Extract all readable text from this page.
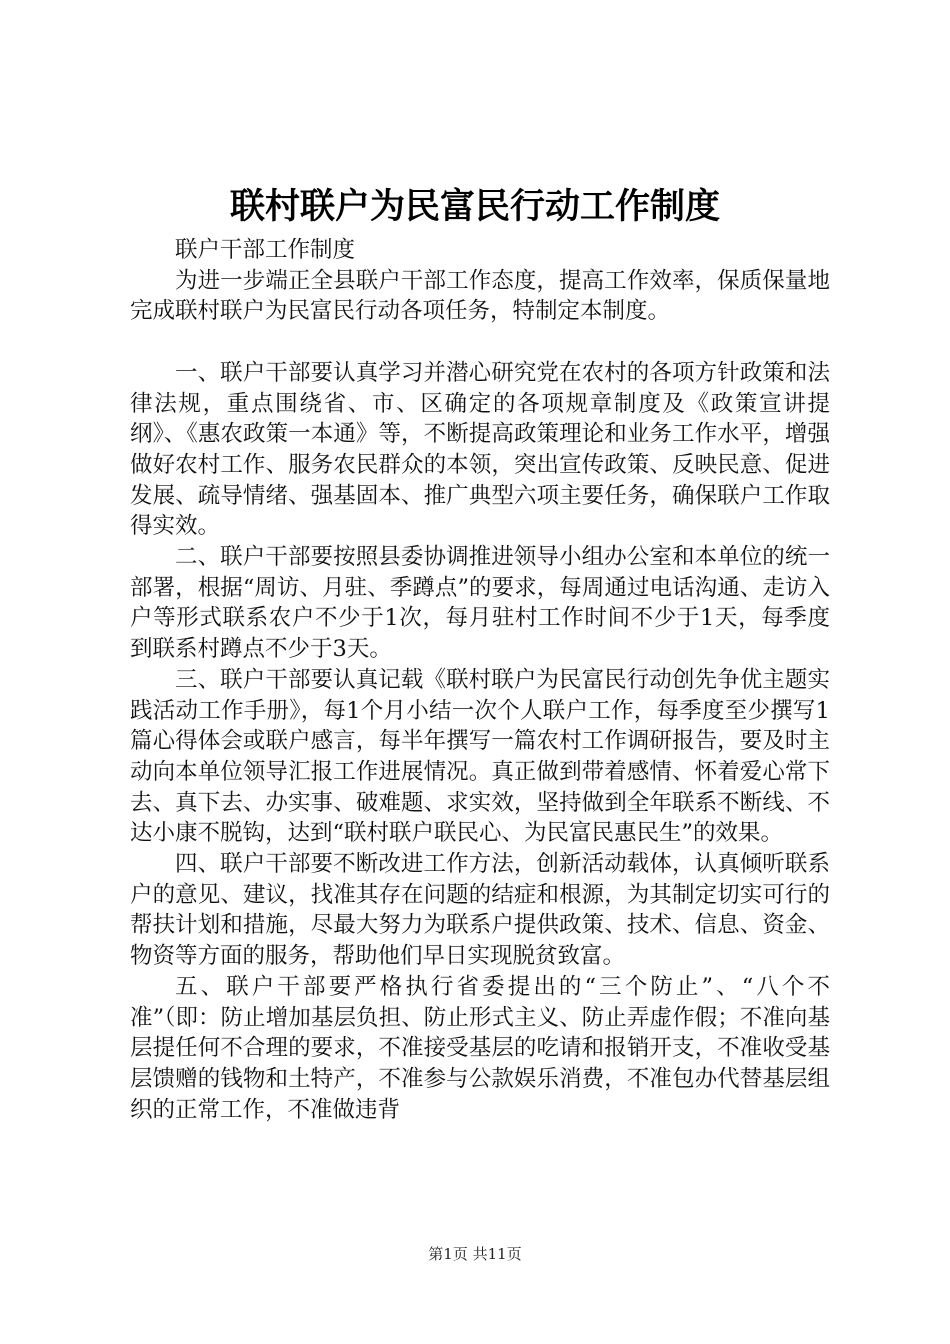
联村联户为民富民行动工作制度

联户干部工作制度

为进一步端正全县联户干部工作态度，提高工作效率，保质保量地完成联村联户为民富民行动各项任务，特制定本制度。

一、联户干部要认真学习并潜心研究党在农村的各项方针政策和法律法规，重点围绕省、市、区确定的各项规章制度及《政策宣讲提纲》、《惠农政策一本通》等，不断提高政策理论和业务工作水平，增强做好农村工作、服务农民群众的本领，突出宣传政策、反映民意、促进发展、疏导情绪、强基固本、推广典型六项主要任务，确保联户工作取得实效。

二、联户干部要按照县委协调推进领导小组办公室和本单位的统一部署，根据“周访、月驻、季蹲点”的要求，每周通过电话沟通、走访入户等形式联系农户不少于1次，每月驻村工作时间不少于1天，每季度到联系村蹲点不少于3天。

三、联户干部要认真记载《联村联户为民富民行动创先争优主题实践活动工作手册》，每1个月小结一次个人联户工作，每季度至少撰写1篇心得体会或联户感言，每半年撰写一篇农村工作调研报告，要及时主动向本单位领导汇报工作进展情况。真正做到带着感情、怀着爱心常下去、真下去、办实事、破难题、求实效，坚持做到全年联系不断线、不达小康不脱钩，达到“联村联户联民心、为民富民惠民生”的效果。

四、联户干部要不断改进工作方法，创新活动载体，认真倾听联系户的意见、建议，找准其存在问题的结症和根源，为其制定切实可行的帮扶计划和措施，尽最大努力为联系户提供政策、技术、信息、资金、物资等方面的服务，帮助他们早日实现脱贫致富。

五、联户干部要严格执行省委提出的“三个防止”、“八个不准”（即：防止增加基层负担、防止形式主义、防止弄虚作假；不准向基层提任何不合理的要求，不准接受基层的吃请和报销开支，不准收受基层馈赠的钱物和土特产，不准参与公款娱乐消费，不准包办代替基层组织的正常工作，不准做违背

第1页 共11页
